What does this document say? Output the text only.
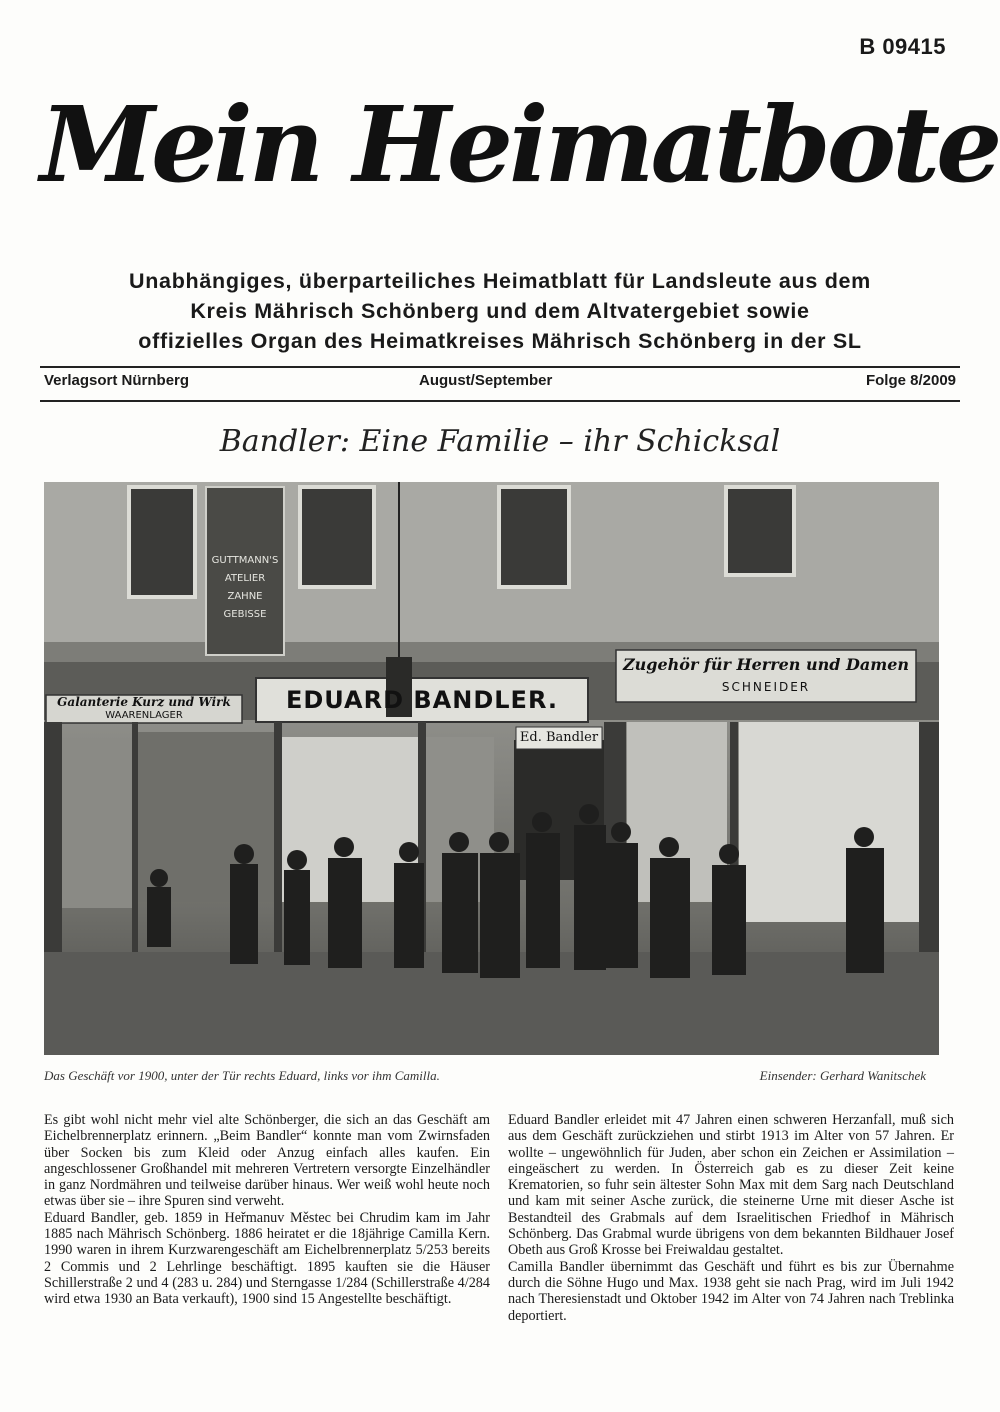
B 09415
Mein Heimatbote
Unabhängiges, überparteiliches Heimatblatt für Landsleute aus dem
Kreis Mährisch Schönberg und dem Altvatergebiet sowie
offizielles Organ des Heimatkreises Mährisch Schönberg in der SL
Verlagsort Nürnberg	August/September	Folge 8/2009
Bandler: Eine Familie – ihr Schicksal
EDUARD BANDLER.
Galanterie Kurz und Wirk
WAARENLAGER
Zugehör für Herren und Damen
SCHNEIDER
Ed. Bandler
GUTTMANN'S
ATELIER
ZAHNE
GEBISSE
Das Geschäft vor 1900, unter der Tür rechts Eduard, links vor ihm Camilla.	Einsender: Gerhard Wanitschek

Es gibt wohl nicht mehr viel alte Schönberger, die sich an das Geschäft am Eichelbrennerplatz erinnern. „Beim Bandler“ konnte man vom Zwirnsfaden über Socken bis zum Kleid oder Anzug einfach alles kaufen. Ein angeschlossener Großhandel mit mehreren Vertretern versorgte Einzelhändler in ganz Nordmähren und teilweise darüber hinaus. Wer weiß wohl heute noch etwas über sie – ihre Spuren sind verweht.

Eduard Bandler, geb. 1859 in Heřmanuv Městec bei Chrudim kam im Jahr 1885 nach Mährisch Schönberg. 1886 heiratet er die 18jährige Camilla Kern. 1990 waren in ihrem Kurzwarengeschäft am Eichelbrennerplatz 5/253 bereits 2 Commis und 2 Lehrlinge beschäftigt. 1895 kauften sie die Häuser Schillerstraße 2 und 4 (283 u. 284) und Sterngasse 1/284 (Schillerstraße 4/284 wird etwa 1930 an Bata verkauft), 1900 sind 15 Angestellte beschäftigt.

Eduard Bandler erleidet mit 47 Jahren einen schweren Herzanfall, muß sich aus dem Geschäft zurückziehen und stirbt 1913 im Alter von 57 Jahren. Er wollte – ungewöhnlich für Juden, aber schon ein Zeichen er Assimilation – eingeäschert zu werden. In Österreich gab es zu dieser Zeit keine Krematorien, so fuhr sein ältester Sohn Max mit dem Sarg nach Deutschland und kam mit seiner Asche zurück, die steinerne Urne mit dieser Asche ist Bestandteil des Grabmals auf dem Israelitischen Friedhof in Mährisch Schönberg. Das Grabmal wurde übrigens von dem bekannten Bildhauer Josef Obeth aus Groß Krosse bei Freiwaldau gestaltet.

Camilla Bandler übernimmt das Geschäft und führt es bis zur Übernahme durch die Söhne Hugo und Max. 1938 geht sie nach Prag, wird im Juli 1942 nach Theresienstadt und Oktober 1942 im Alter von 74 Jahren nach Treblinka deportiert.
